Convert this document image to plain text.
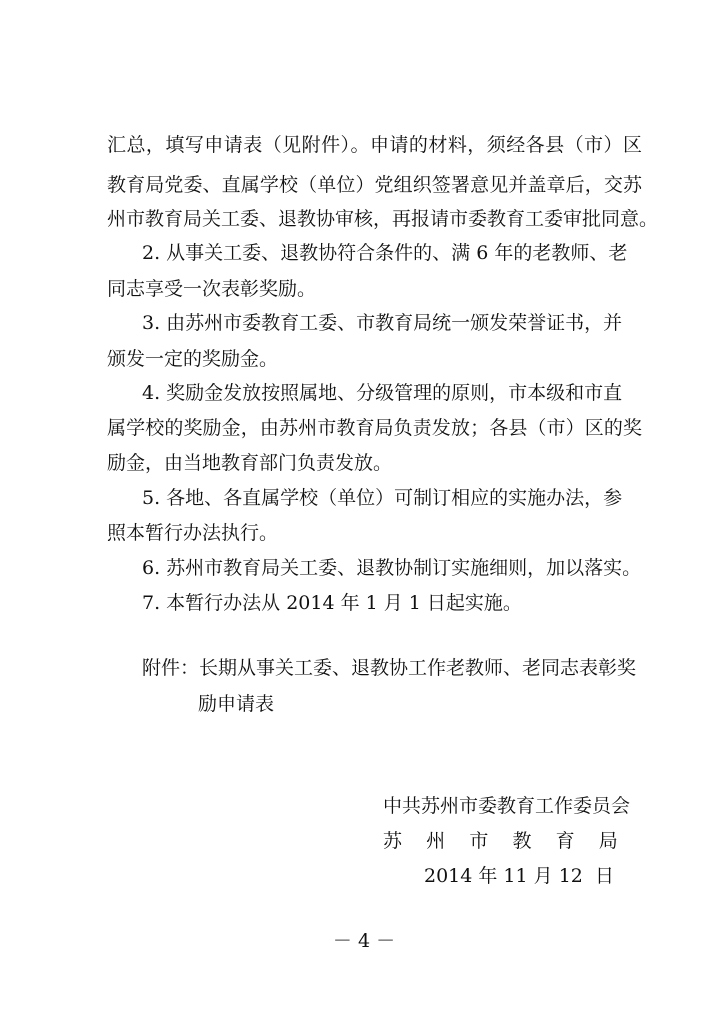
汇总，填写申请表（见附件）。申请的材料，须经各县（市）区
教育局党委、直属学校（单位）党组织签署意见并盖章后，交苏
州市教育局关工委、退教协审核，再报请市委教育工委审批同意。
2. 从事关工委、退教协符合条件的、满 6 年的老教师、老
同志享受一次表彰奖励。
3. 由苏州市委教育工委、市教育局统一颁发荣誉证书，并
颁发一定的奖励金。
4. 奖励金发放按照属地、分级管理的原则，市本级和市直
属学校的奖励金，由苏州市教育局负责发放；各县（市）区的奖
励金，由当地教育部门负责发放。
5. 各地、各直属学校（单位）可制订相应的实施办法，参
照本暂行办法执行。
6. 苏州市教育局关工委、退教协制订实施细则，加以落实。
7. 本暂行办法从 2014 年 1 月 1 日起实施。
附件：长期从事关工委、退教协工作老教师、老同志表彰奖
励申请表
中共苏州市委教育工作委员会
苏    州    市    教    育    局
2014 年 11 月 12  日
－ 4 －
